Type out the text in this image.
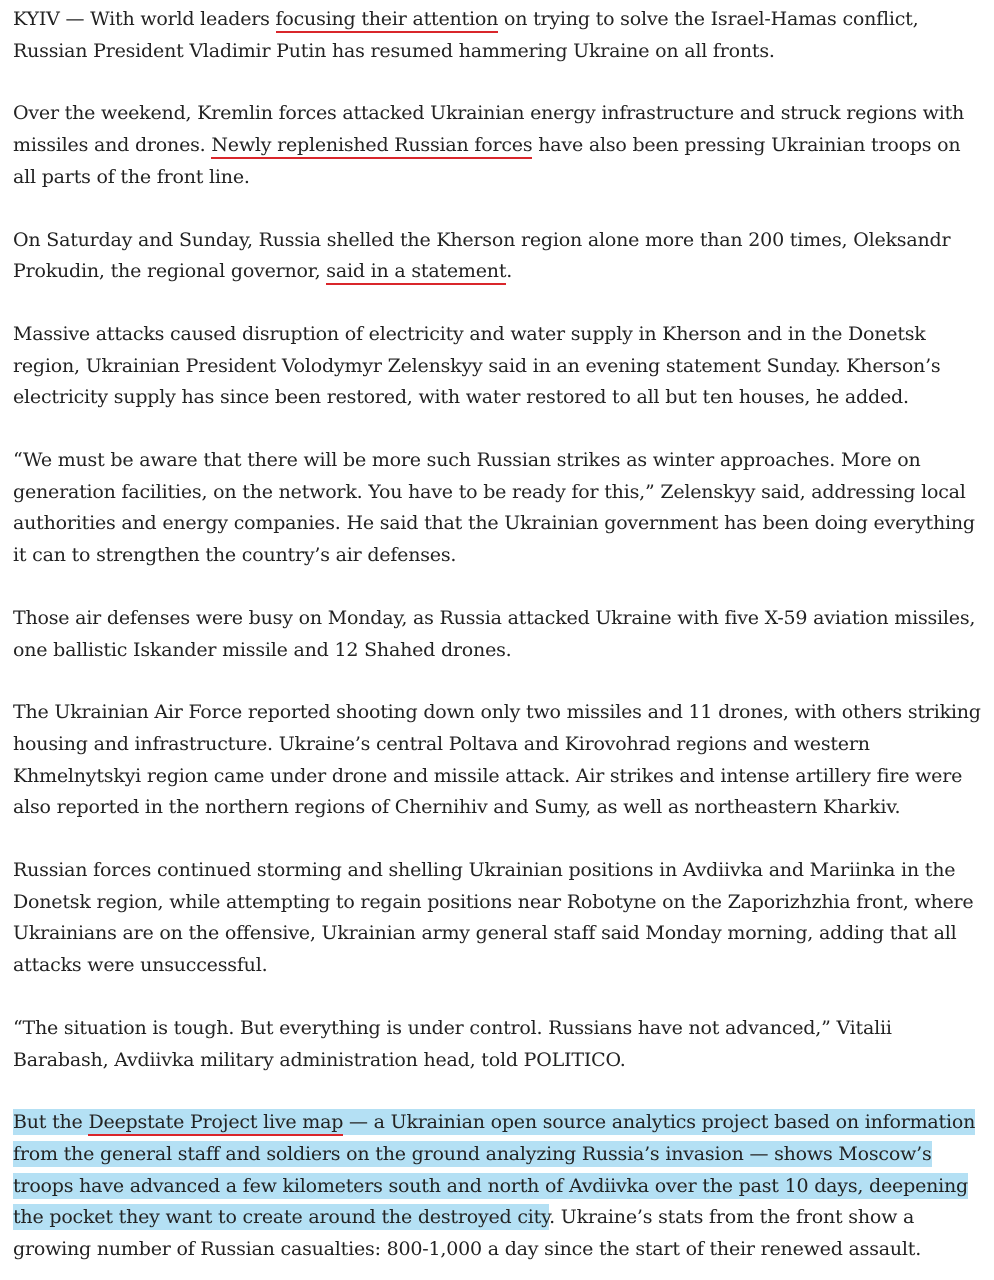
KYIV — With world leaders focusing their attention on trying to solve the Israel-Hamas conflict, Russian President Vladimir Putin has resumed hammering Ukraine on all fronts.

Over the weekend, Kremlin forces attacked Ukrainian energy infrastructure and struck regions with missiles and drones. Newly replenished Russian forces have also been pressing Ukrainian troops on all parts of the front line.

On Saturday and Sunday, Russia shelled the Kherson region alone more than 200 times, Oleksandr Prokudin, the regional governor, said in a statement.

Massive attacks caused disruption of electricity and water supply in Kherson and in the Donetsk region, Ukrainian President Volodymyr Zelenskyy said in an evening statement Sunday. Kherson’s electricity supply has since been restored, with water restored to all but ten houses, he added.

“We must be aware that there will be more such Russian strikes as winter approaches. More on generation facilities, on the network. You have to be ready for this,” Zelenskyy said, addressing local authorities and energy companies. He said that the Ukrainian government has been doing everything it can to strengthen the country’s air defenses.

Those air defenses were busy on Monday, as Russia attacked Ukraine with five X-59 aviation missiles, one ballistic Iskander missile and 12 Shahed drones.

The Ukrainian Air Force reported shooting down only two missiles and 11 drones, with others striking housing and infrastructure. Ukraine’s central Poltava and Kirovohrad regions and western Khmelnytskyi region came under drone and missile attack. Air strikes and intense artillery fire were also reported in the northern regions of Chernihiv and Sumy, as well as northeastern Kharkiv.

Russian forces continued storming and shelling Ukrainian positions in Avdiivka and Mariinka in the Donetsk region, while attempting to regain positions near Robotyne on the Zaporizhzhia front, where Ukrainians are on the offensive, Ukrainian army general staff said Monday morning, adding that all attacks were unsuccessful.

“The situation is tough. But everything is under control. Russians have not advanced,” Vitalii Barabash, Avdiivka military administration head, told POLITICO.

But the Deepstate Project live map — a Ukrainian open source analytics project based on information from the general staff and soldiers on the ground analyzing Russia’s invasion — shows Moscow’s troops have advanced a few kilometers south and north of Avdiivka over the past 10 days, deepening the pocket they want to create around the destroyed city. Ukraine’s stats from the front show a growing number of Russian casualties: 800-1,000 a day since the start of their renewed assault.
